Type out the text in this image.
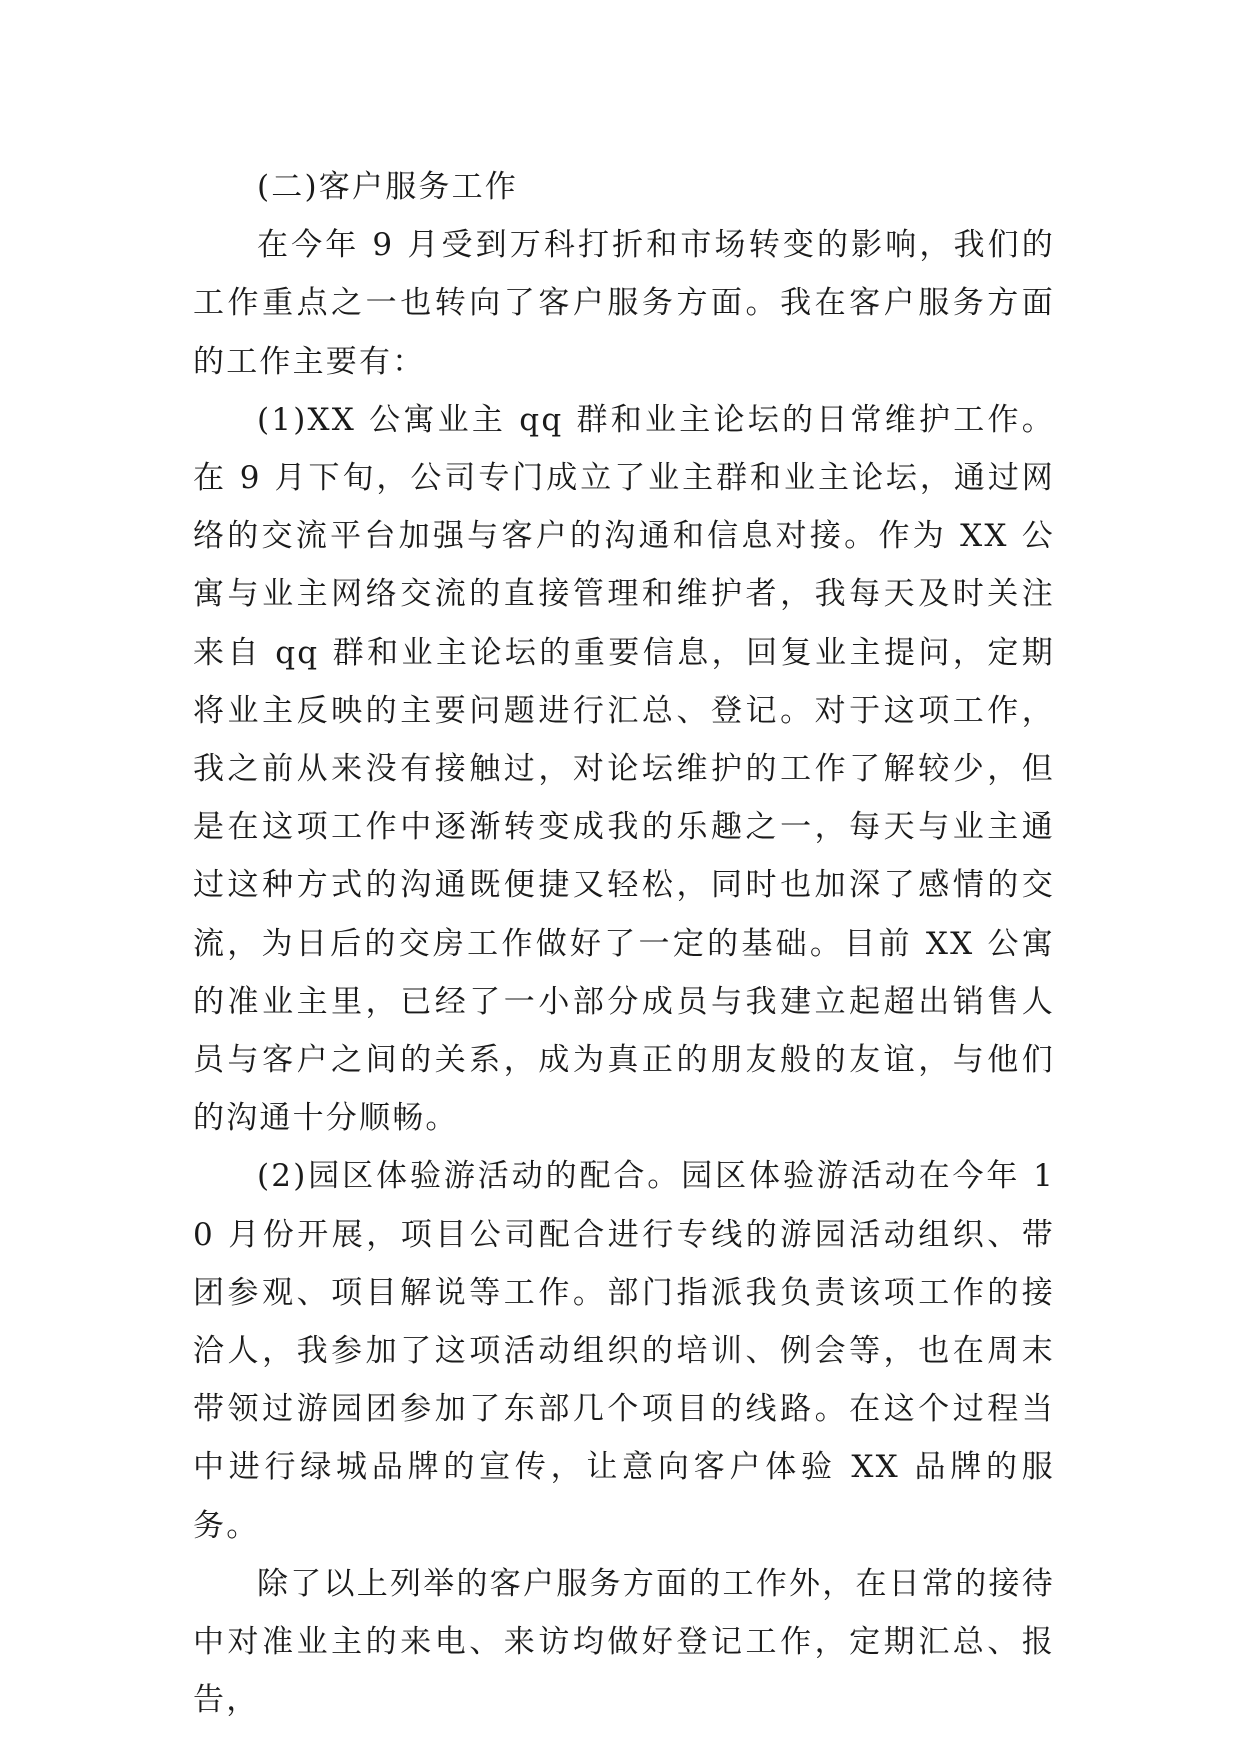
(二)客户服务工作

在今年 9 月受到万科打折和市场转变的影响，我们的工作重点之一也转向了客户服务方面。我在客户服务方面的工作主要有：

(1)XX 公寓业主 qq 群和业主论坛的日常维护工作。在 9 月下旬，公司专门成立了业主群和业主论坛，通过网络的交流平台加强与客户的沟通和信息对接。作为 XX 公寓与业主网络交流的直接管理和维护者，我每天及时关注来自 qq 群和业主论坛的重要信息，回复业主提问，定期将业主反映的主要问题进行汇总、登记。对于这项工作，我之前从来没有接触过，对论坛维护的工作了解较少，但是在这项工作中逐渐转变成我的乐趣之一，每天与业主通过这种方式的沟通既便捷又轻松，同时也加深了感情的交流，为日后的交房工作做好了一定的基础。目前 XX 公寓的准业主里，已经了一小部分成员与我建立起超出销售人员与客户之间的关系，成为真正的朋友般的友谊，与他们的沟通十分顺畅。

(2)园区体验游活动的配合。园区体验游活动在今年 10 月份开展，项目公司配合进行专线的游园活动组织、带团参观、项目解说等工作。部门指派我负责该项工作的接洽人，我参加了这项活动组织的培训、例会等，也在周末带领过游园团参加了东部几个项目的线路。在这个过程当中进行绿城品牌的宣传，让意向客户体验 XX 品牌的服务。

除了以上列举的客户服务方面的工作外，在日常的接待中对准业主的来电、来访均做好登记工作，定期汇总、报告，
